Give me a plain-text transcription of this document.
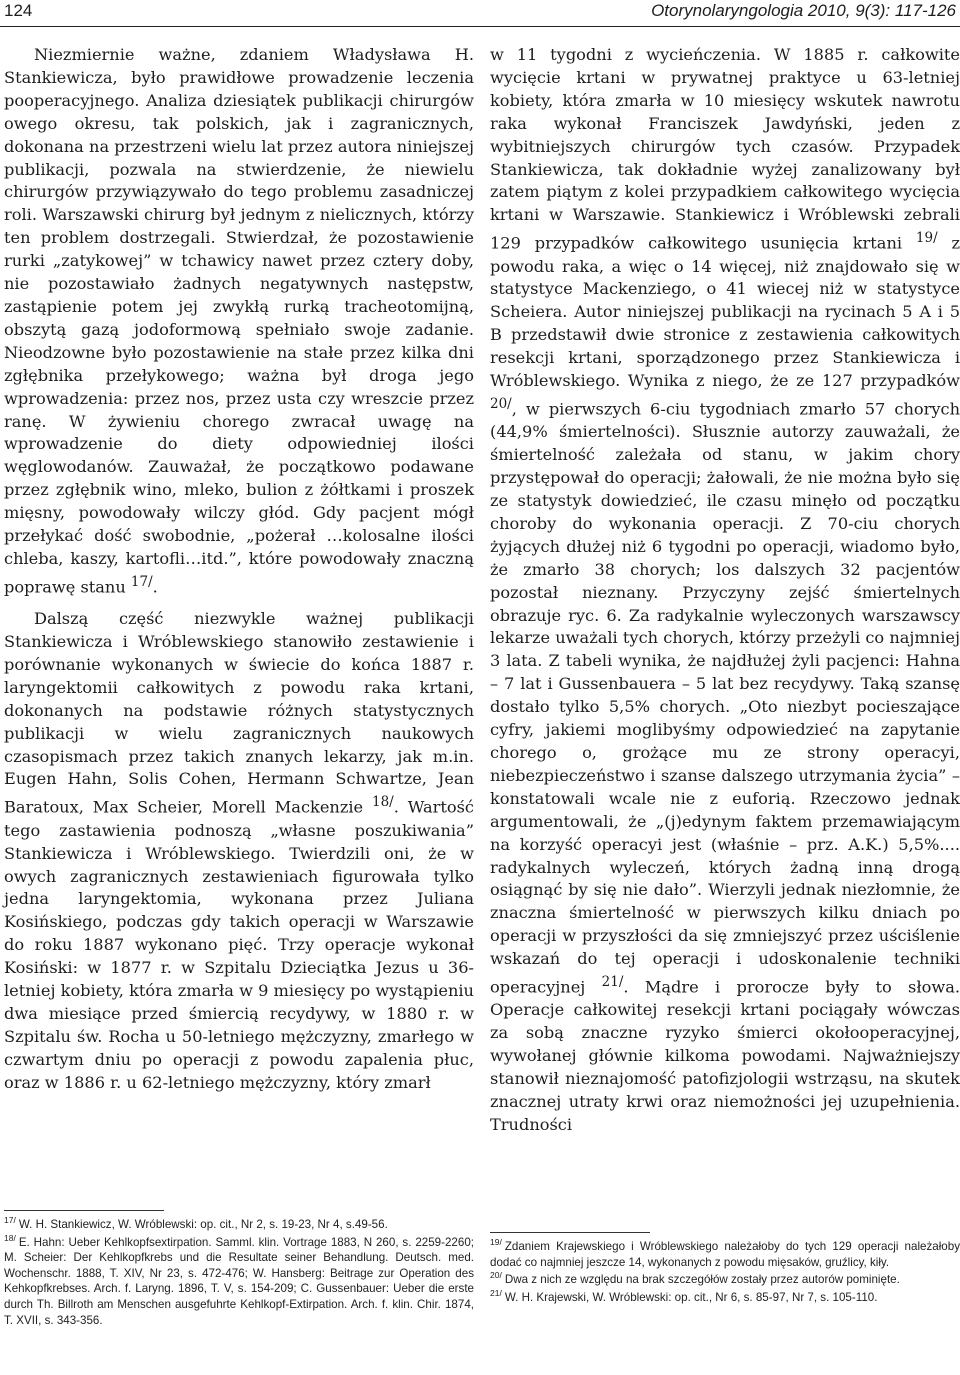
124	Otorynolaryngologia 2010, 9(3): 117-126

Niezmiernie ważne, zdaniem Władysława H. Stankiewicza, było prawidłowe prowadzenie leczenia pooperacyjnego. Analiza dziesiątek publikacji chirurgów owego okresu, tak polskich, jak i zagranicznych, dokonana na przestrzeni wielu lat przez autora niniejszej publikacji, pozwala na stwierdzenie, że niewielu chirurgów przywiązywało do tego problemu zasadniczej roli. Warszawski chirurg był jednym z nielicznych, którzy ten problem dostrzegali. Stwierdzał, że pozostawienie rurki „zatykowej” w tchawicy nawet przez cztery doby, nie pozostawiało żadnych negatywnych następstw, zastąpienie potem jej zwykłą rurką tracheotomijną, obszytą gazą jodoformową spełniało swoje zadanie. Nieodzowne było pozostawienie na stałe przez kilka dni zgłębnika przełykowego; ważna był droga jego wprowadzenia: przez nos, przez usta czy wreszcie przez ranę. W żywieniu chorego zwracał uwagę na wprowadzenie do diety odpowiedniej ilości węglowodanów. Zauważał, że początkowo podawane przez zgłębnik wino, mleko, bulion z żółtkami i proszek mięsny, powodowały wilczy głód. Gdy pacjent mógł przełykać dość swobodnie, „pożerał …kolosalne ilości chleba, kaszy, kartofli…itd.”, które powodowały znaczną poprawę stanu $^{17/}$.

Dalszą część niezwykle ważnej publikacji Stankiewicza i Wróblewskiego stanowiło zestawienie i porównanie wykonanych w świecie do końca 1887 r. laryngektomii całkowitych z powodu raka krtani, dokonanych na podstawie różnych statystycznych publikacji w wielu zagranicznych naukowych czasopismach przez takich znanych lekarzy, jak m.in. Eugen Hahn, Solis Cohen, Hermann Schwartze, Jean Baratoux, Max Scheier, Morell Mackenzie $^{18/}$. Wartość tego zastawienia podnoszą „własne poszukiwania” Stankiewicza i Wróblewskiego. Twierdzili oni, że w owych zagranicznych zestawieniach figurowała tylko jedna laryngektomia, wykonana przez Juliana Kosińskiego, podczas gdy takich operacji w Warszawie do roku 1887 wykonano pięć. Trzy operacje wykonał Kosiński: w 1877 r. w Szpitalu Dzieciątka Jezus u 36-letniej kobiety, która zmarła w 9 miesięcy po wystąpieniu dwa miesiące przed śmiercią recydywy, w 1880 r. w Szpitalu św. Rocha u 50-letniego mężczyzny, zmarłego w czwartym dniu po operacji z powodu zapalenia płuc, oraz w 1886 r. u 62-letniego mężczyzny, który zmarł

$^{17/}$ W. H. Stankiewicz, W. Wróblewski: op. cit., Nr 2, s. 19-23, Nr 4, s.49-56.

$^{18/}$ E. Hahn: Ueber Kehlkopfsextirpation. Samml. klin. Vortrage 1883, N 260, s. 2259-2260; M. Scheier: Der Kehlkopfkrebs und die Resultate seiner Behandlung. Deutsch. med. Wochenschr. 1888, T. XIV, Nr 23, s. 472-476; W. Hansberg: Beitrage zur Operation des Kehkopfkrebses. Arch. f. Laryng. 1896, T. V, s. 154-209; C. Gussenbauer: Ueber die erste durch Th. Billroth am Menschen ausgefuhrte Kehlkopf-Extirpation. Arch. f. klin. Chir. 1874, T. XVII, s. 343-356.

w 11 tygodni z wycieńczenia. W 1885 r. całkowite wycięcie krtani w prywatnej praktyce u 63-letniej kobiety, która zmarła w 10 miesięcy wskutek nawrotu raka wykonał Franciszek Jawdyński, jeden z wybitniejszych chirurgów tych czasów. Przypadek Stankiewicza, tak dokładnie wyżej zanalizowany był zatem piątym z kolei przypadkiem całkowitego wycięcia krtani w Warszawie. Stankiewicz i Wróblewski zebrali 129 przypadków całkowitego usunięcia krtani $^{19/}$ z powodu raka, a więc o 14 więcej, niż znajdowało się w statystyce Mackenziego, o 41 wiecej niż w statystyce Scheiera. Autor niniejszej publikacji na rycinach 5 A i 5 B przedstawił dwie stronice z zestawienia całkowitych resekcji krtani, sporządzonego przez Stankiewicza i Wróblewskiego. Wynika z niego, że ze 127 przypadków $^{20/}$, w pierwszych 6-ciu tygodniach zmarło 57 chorych (44,9% śmiertelności). Słusznie autorzy zauważali, że śmiertelność zależała od stanu, w jakim chory przystępował do operacji; żałowali, że nie można było się ze statystyk dowiedzieć, ile czasu minęło od początku choroby do wykonania operacji. Z 70-ciu chorych żyjących dłużej niż 6 tygodni po operacji, wiadomo było, że zmarło 38 chorych; los dalszych 32 pacjentów pozostał nieznany. Przyczyny zejść śmiertelnych obrazuje ryc. 6. Za radykalnie wyleczonych warszawscy lekarze uważali tych chorych, którzy przeżyli co najmniej 3 lata. Z tabeli wynika, że najdłużej żyli pacjenci: Hahna – 7 lat i Gussenbauera – 5 lat bez recydywy. Taką szansę dostało tylko 5,5% chorych. „Oto niezbyt pocieszające cyfry, jakiemi moglibyśmy odpowiedzieć na zapytanie chorego o, grożące mu ze strony operacyi, niebezpieczeństwo i szanse dalszego utrzymania życia” – konstatowali wcale nie z euforią. Rzeczowo jednak argumentowali, że „(j)edynym faktem przemawiającym na korzyść operacyi jest (właśnie – prz. A.K.) 5,5%.... radykalnych wyleczeń, których żadną inną drogą osiągnąć by się nie dało”. Wierzyli jednak niezłomnie, że znaczna śmiertelność w pierwszych kilku dniach po operacji w przyszłości da się zmniejszyć przez uściślenie wskazań do tej operacji i udoskonalenie techniki operacyjnej $^{21/}$. Mądre i prorocze były to słowa. Operacje całkowitej resekcji krtani pociągały wówczas za sobą znaczne ryzyko śmierci okołooperacyjnej, wywołanej głównie kilkoma powodami. Najważniejszy stanowił nieznajomość patofizjologii wstrząsu, na skutek znacznej utraty krwi oraz niemożności jej uzupełnienia. Trudności

$^{19/}$ Zdaniem Krajewskiego i Wróblewskiego należałoby do tych 129 operacji należałoby dodać co najmniej jeszcze 14, wykonanych z powodu mięsaków, gruźlicy, kiły.

$^{20/}$ Dwa z nich ze względu na brak szczegółów zostały przez autorów pominięte.

$^{21/}$ W. H. Krajewski, W. Wróblewski: op. cit., Nr 6, s. 85-97, Nr 7, s. 105-110.
